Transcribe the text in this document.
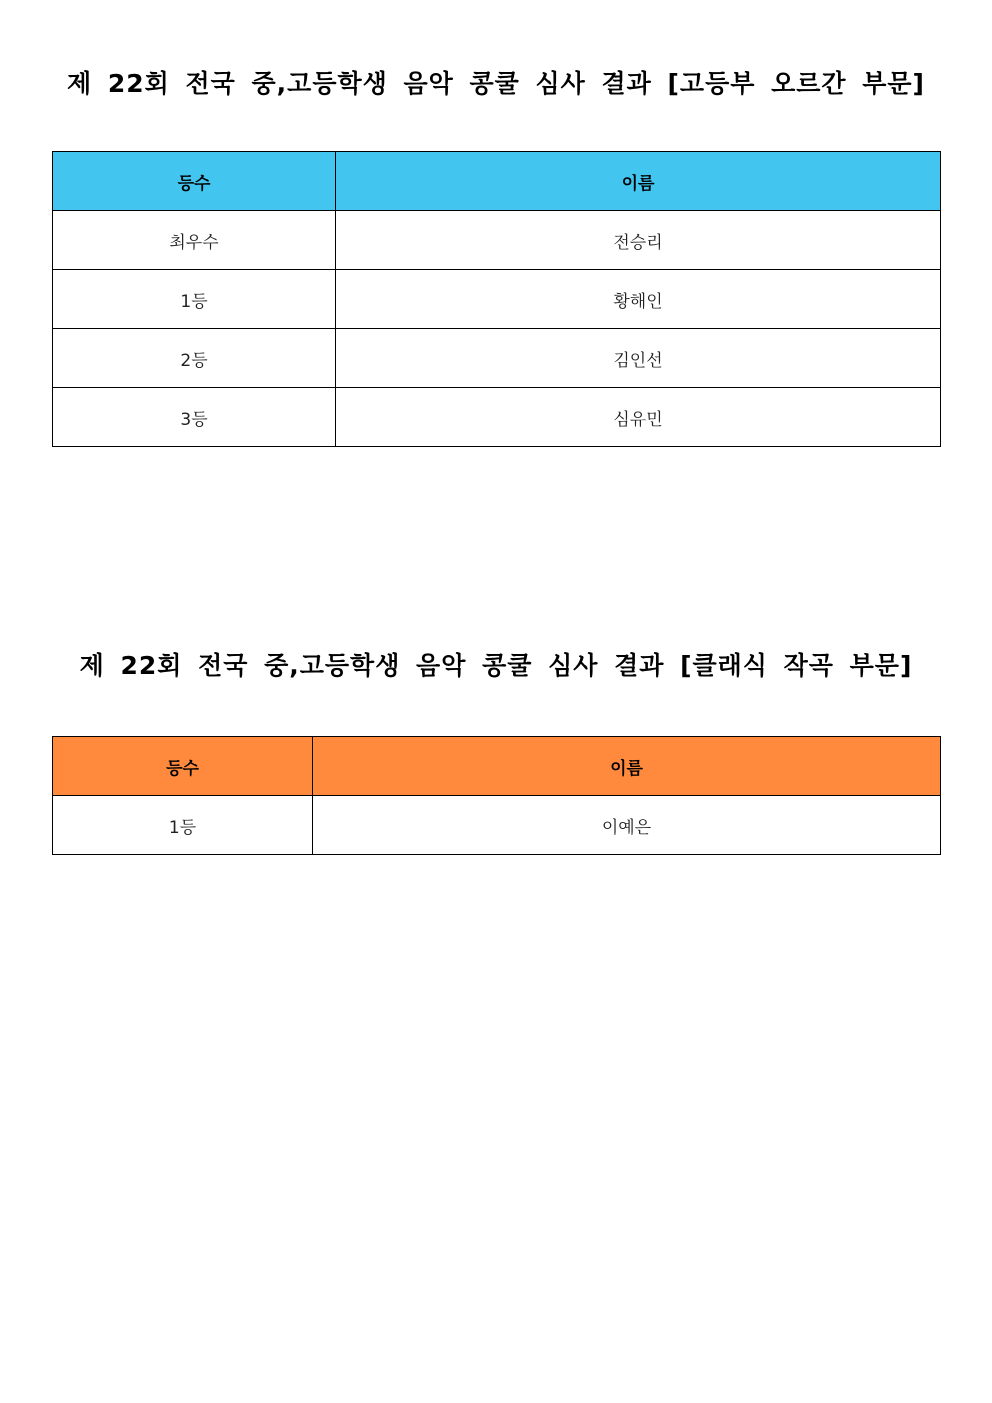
제 22회 전국 중,고등학생 음악 콩쿨 심사 결과 [고등부 오르간 부문]
등수	이름
최우수	전승리
1등	황해인
2등	김인선
3등	심유민
제 22회 전국 중,고등학생 음악 콩쿨 심사 결과 [클래식 작곡 부문]
등수	이름
1등	이예은
